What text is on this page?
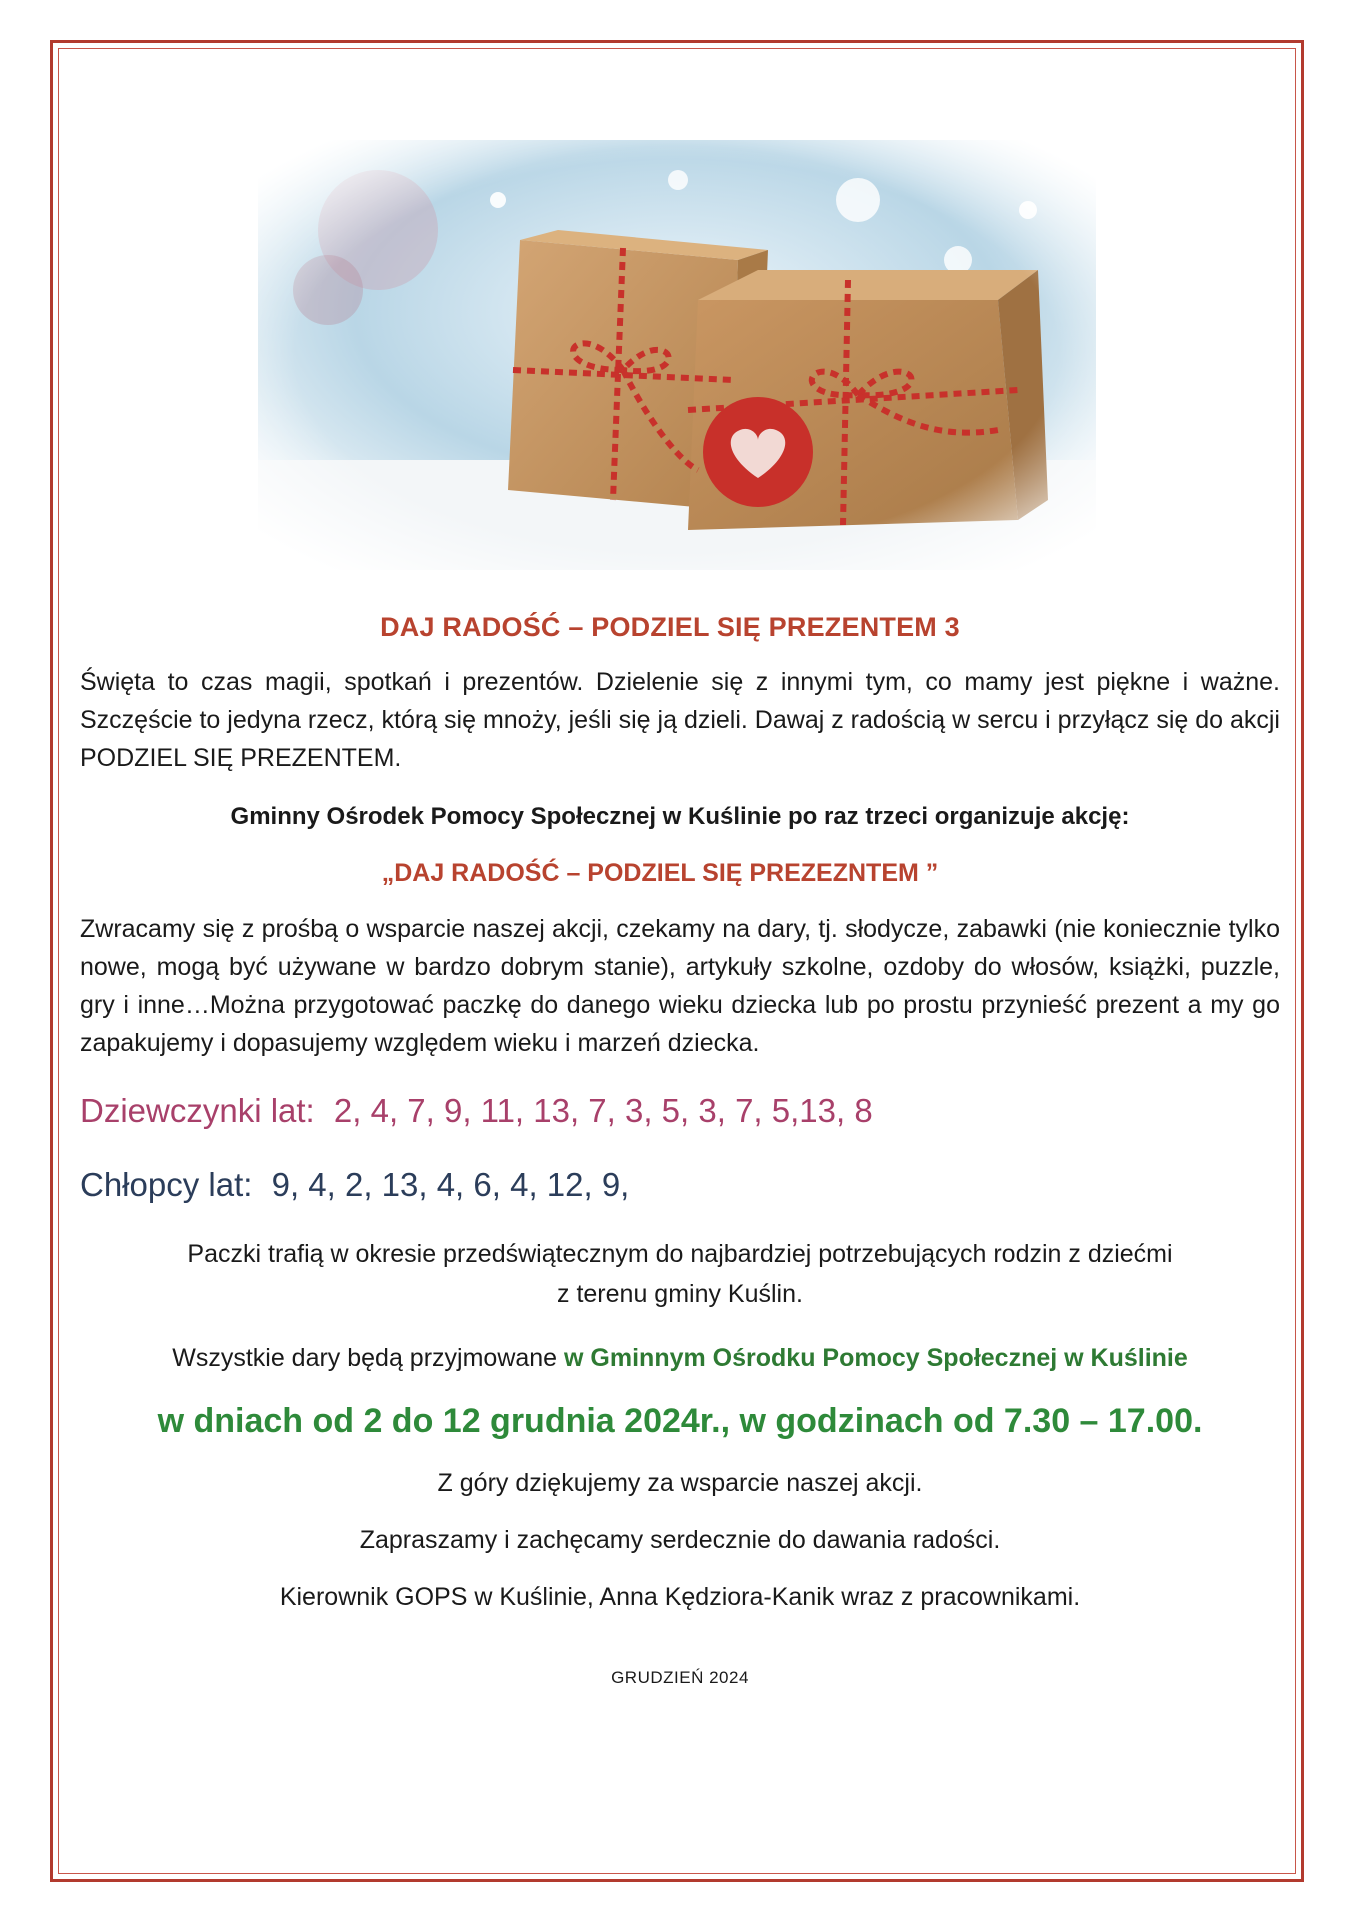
DAJ RADOŚĆ – PODZIEL SIĘ PREZENTEM 3

Święta to czas magii, spotkań i prezentów. Dzielenie się z innymi tym, co mamy jest piękne i ważne. Szczęście to jedyna rzecz, którą się mnoży, jeśli się ją dzieli. Dawaj z radością w sercu i przyłącz się do akcji PODZIEL SIĘ PREZENTEM.

Gminny Ośrodek Pomocy Społecznej w Kuślinie po raz trzeci organizuje akcję:
„DAJ RADOŚĆ – PODZIEL SIĘ PREZEZNTEM ”

Zwracamy się z prośbą o wsparcie naszej akcji, czekamy na dary, tj. słodycze, zabawki (nie koniecznie tylko nowe, mogą być używane w bardzo dobrym stanie), artykuły szkolne, ozdoby do włosów, książki, puzzle, gry i inne…Można przygotować paczkę do danego wieku dziecka lub po prostu przynieść prezent a my go zapakujemy i dopasujemy względem wieku i marzeń dziecka.

Dziewczynki lat: 2, 4, 7, 9, 11, 13, 7, 3, 5, 3, 7, 5,13, 8
Chłopcy lat: 9, 4, 2, 13, 4, 6, 4, 12, 9,
Paczki trafią w okresie przedświątecznym do najbardziej potrzebujących rodzin z dziećmi
z terenu gminy Kuślin.
Wszystkie dary będą przyjmowane w Gminnym Ośrodku Pomocy Społecznej w Kuślinie
w dniach od 2 do 12 grudnia 2024r., w godzinach od 7.30 – 17.00.
Z góry dziękujemy za wsparcie naszej akcji.
Zapraszamy i zachęcamy serdecznie do dawania radości.
Kierownik GOPS w Kuślinie, Anna Kędziora-Kanik wraz z pracownikami.
GRUDZIEŃ 2024
